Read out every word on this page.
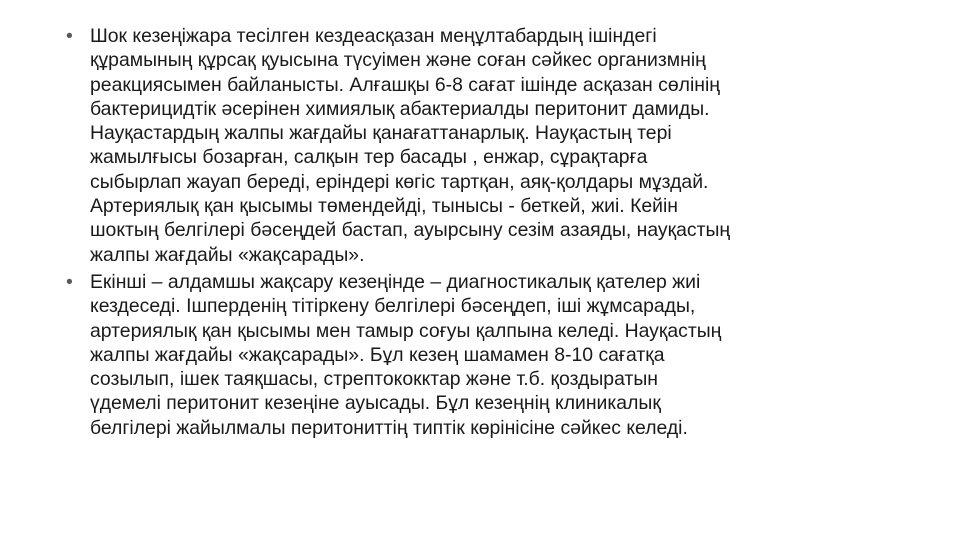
• Шок кезеңіжара тесілген кездеасқазан меңұлтабардың ішіндегі
құрамының құрсақ қуысына түсуімен және соған сәйкес организмнің
реакциясымен байланысты. Алғашқы 6-8 сағат ішінде асқазан сөлінің
бактерицидтік әсерінен химиялық абактериалды перитонит дамиды.
Науқастардың жалпы жағдайы қанағаттанарлық. Науқастың тері
жамылғысы бозарған, салқын тер басады , енжар, сұрақтарға
сыбырлап жауап береді, еріндері көгіс тартқан, аяқ-қолдары мұздай.
Артериялық қан қысымы төмендейді, тынысы - беткей, жиі. Кейін
шоктың белгілері бәсеңдей бастап, ауырсыну сезім азаяды, науқастың
жалпы жағдайы «жақсарады».
• Екінші – алдамшы жақсару кезеңінде – диагностикалық қателер жиі
кездеседі. Ішперденің тітіркену белгілері бәсеңдеп, іші жұмсарады,
артериялық қан қысымы мен тамыр соғуы қалпына келеді. Науқастың
жалпы жағдайы «жақсарады». Бұл кезең шамамен 8-10 сағатқа
созылып, ішек таяқшасы, стрептококктар және т.б. қоздыратын
үдемелі перитонит кезеңіне ауысады. Бұл кезеңнің клиникалық
белгілері жайылмалы перитониттің типтік көрінісіне сәйкес келеді.
